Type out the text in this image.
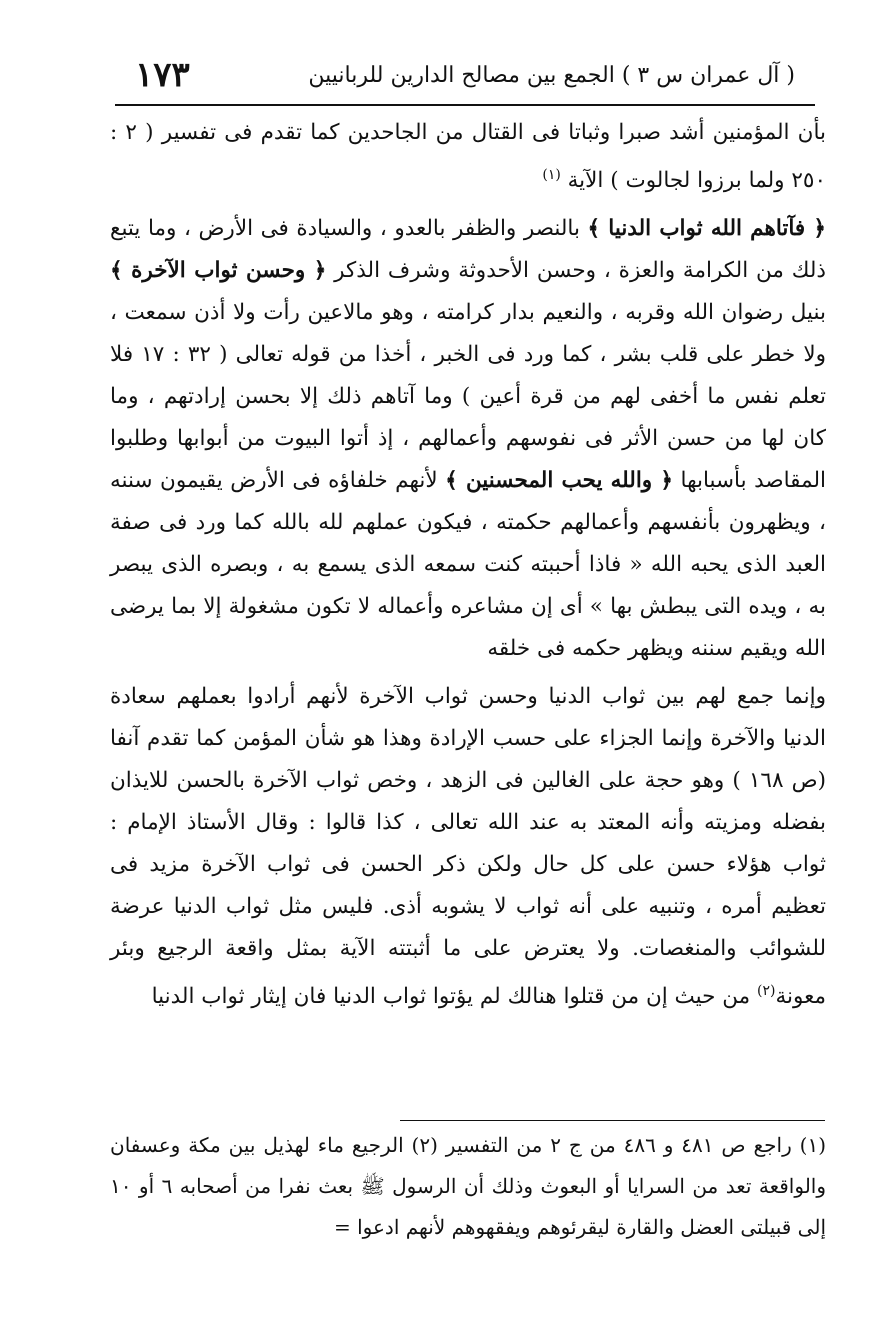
( آل عمران س ٣ ) الجمع بين مصالح الدارين للربانيين
١٧٣

بأن المؤمنين أشد صبرا وثباتا فى القتال من الجاحدين كما تقدم فى تفسير ( ٢ : ٢٥٠ ولما برزوا لجالوت ) الآية $^{(١)}$

﴿ فآتاهم الله ثواب الدنيا ﴾ بالنصر والظفر بالعدو ، والسيادة فى الأرض ، وما يتبع ذلك من الكرامة والعزة ، وحسن الأحدوثة وشرف الذكر ﴿ وحسن ثواب الآخرة ﴾ بنيل رضوان الله وقربه ، والنعيم بدار كرامته ، وهو مالاعين رأت ولا أذن سمعت ، ولا خطر على قلب بشر ، كما ورد فى الخبر ، أخذا من قوله تعالى ( ٣٢ : ١٧ فلا تعلم نفس ما أخفى لهم من قرة أعين ) وما آتاهم ذلك إلا بحسن إرادتهم ، وما كان لها من حسن الأثر فى نفوسهم وأعمالهم ، إذ أتوا البيوت من أبوابها وطلبوا المقاصد بأسبابها ﴿ والله يحب المحسنين ﴾ لأنهم خلفاؤه فى الأرض يقيمون سننه ، ويظهرون بأنفسهم وأعمالهم حكمته ، فيكون عملهم لله بالله كما ورد فى صفة العبد الذى يحبه الله « فاذا أحببته كنت سمعه الذى يسمع به ، وبصره الذى يبصر به ، ويده التى يبطش بها » أى إن مشاعره وأعماله لا تكون مشغولة إلا بما يرضى الله ويقيم سننه ويظهر حكمه فى خلقه

وإنما جمع لهم بين ثواب الدنيا وحسن ثواب الآخرة لأنهم أرادوا بعملهم سعادة الدنيا والآخرة وإنما الجزاء على حسب الإرادة وهذا هو شأن المؤمن كما تقدم آنفا (ص ١٦٨ ) وهو حجة على الغالين فى الزهد ، وخص ثواب الآخرة بالحسن للايذان بفضله ومزيته وأنه المعتد به عند الله تعالى ، كذا قالوا : وقال الأستاذ الإمام : ثواب هؤلاء حسن على كل حال ولكن ذكر الحسن فى ثواب الآخرة مزيد فى تعظيم أمره ، وتنبيه على أنه ثواب لا يشوبه أذى. فليس مثل ثواب الدنيا عرضة للشوائب والمنغصات. ولا يعترض على ما أثبتته الآية بمثل واقعة الرجيع وبئر معونة$^{(٢)}$ من حيث إن من قتلوا هنالك لم يؤتوا ثواب الدنيا فان إيثار ثواب الدنيا

(١) راجع ص ٤٨١ و ٤٨٦ من ج ٢ من التفسير (٢) الرجيع ماء لهذيل بين مكة وعسفان والواقعة تعد من السرايا أو البعوث وذلك أن الرسول ﷺ بعث نفرا من أصحابه ٦ أو ١٠ إلى قبيلتى العضل والقارة ليقرئوهم ويفقهوهم لأنهم ادعوا =
